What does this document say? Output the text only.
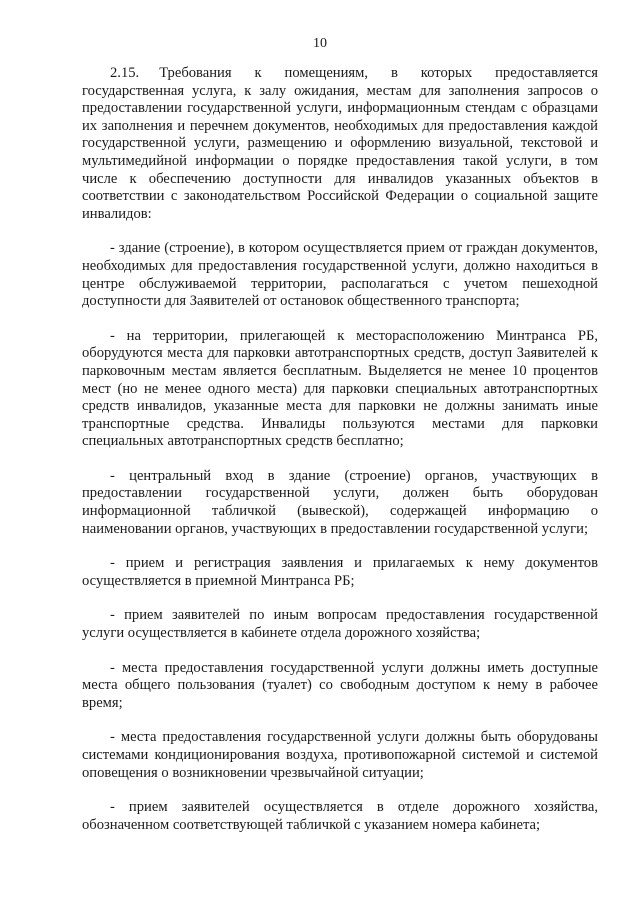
10

2.15. Требования к помещениям, в которых предоставляется государственная услуга, к залу ожидания, местам для заполнения запросов о предоставлении государственной услуги, информационным стендам с образцами их заполнения и перечнем документов, необходимых для предоставления каждой государственной услуги, размещению и оформлению визуальной, текстовой и мультимедийной информации о порядке предоставления такой услуги, в том числе к обеспечению доступности для инвалидов указанных объектов в соответствии с законодательством Российской Федерации о социальной защите инвалидов:

- здание (строение), в котором осуществляется прием от граждан документов, необходимых для предоставления государственной услуги, должно находиться в центре обслуживаемой территории, располагаться с учетом пешеходной доступности для Заявителей от остановок общественного транспорта;

- на территории, прилегающей к месторасположению Минтранса РБ, оборудуются места для парковки автотранспортных средств, доступ Заявителей к парковочным местам является бесплатным. Выделяется не менее 10 процентов мест (но не менее одного места) для парковки специальных автотранспортных средств инвалидов, указанные места для парковки не должны занимать иные транспортные средства. Инвалиды пользуются местами для парковки специальных автотранспортных средств бесплатно;

- центральный вход в здание (строение) органов, участвующих в предоставлении государственной услуги, должен быть оборудован информационной табличкой (вывеской), содержащей информацию о наименовании органов, участвующих в предоставлении государственной услуги;

- прием и регистрация заявления и прилагаемых к нему документов осуществляется в приемной Минтранса РБ;

- прием заявителей по иным вопросам предоставления государственной услуги осуществляется в кабинете отдела дорожного хозяйства;

- места предоставления государственной услуги должны иметь доступные места общего пользования (туалет) со свободным доступом к нему в рабочее время;

- места предоставления государственной услуги должны быть оборудованы системами кондиционирования воздуха, противопожарной системой и системой оповещения о возникновении чрезвычайной ситуации;

- прием заявителей осуществляется в отделе дорожного хозяйства, обозначенном соответствующей табличкой с указанием номера кабинета;
